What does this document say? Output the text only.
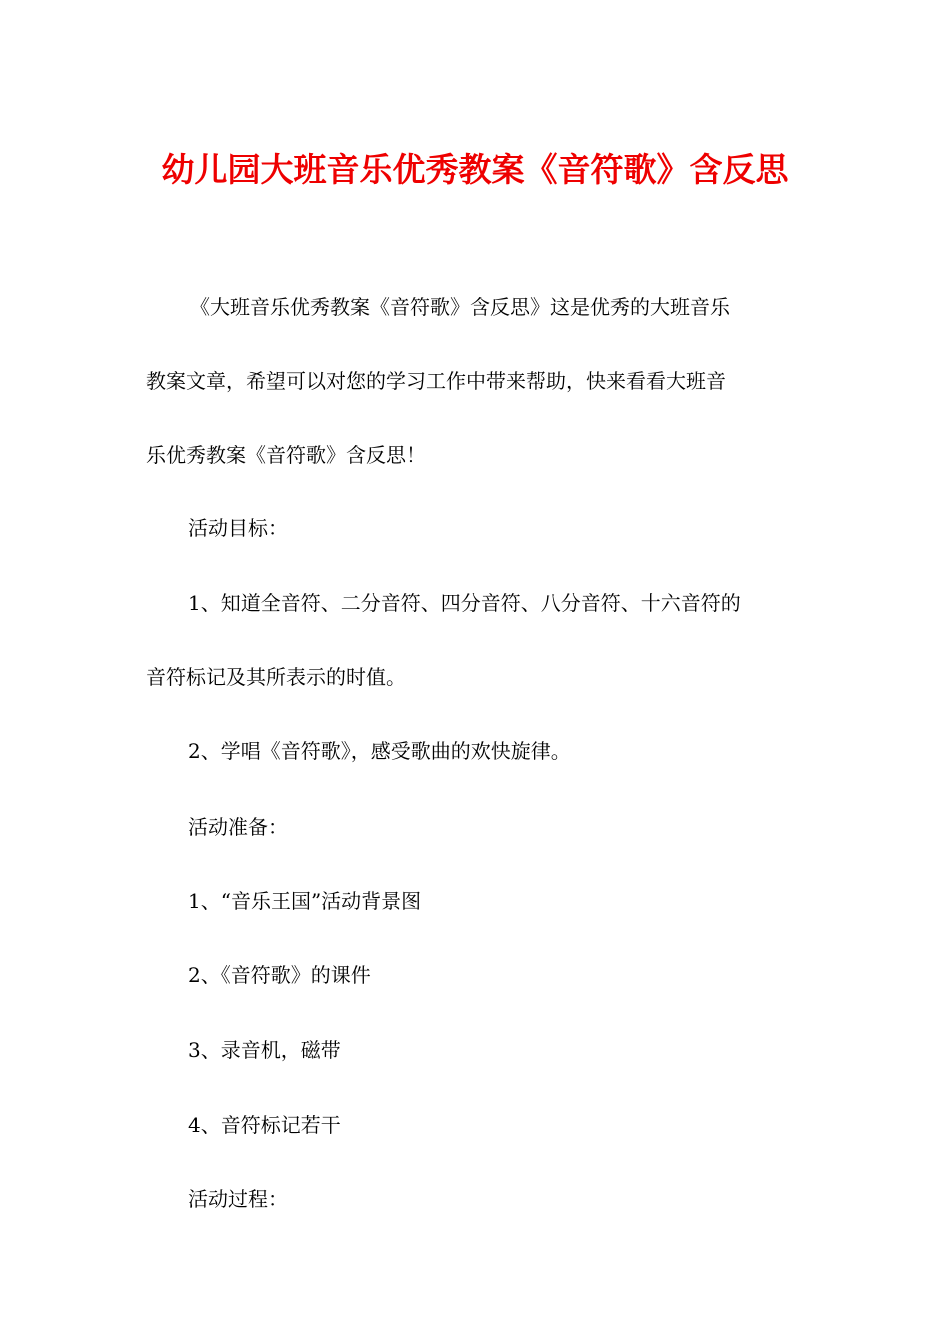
幼儿园大班音乐优秀教案《音符歌》含反思
《大班音乐优秀教案《音符歌》含反思》这是优秀的大班音乐
教案文章，希望可以对您的学习工作中带来帮助，快来看看大班音
乐优秀教案《音符歌》含反思！

活动目标：

1、知道全音符、二分音符、四分音符、八分音符、十六音符的

音符标记及其所表示的时值。

2、学唱《音符歌》，感受歌曲的欢快旋律。

活动准备：

1、“音乐王国”活动背景图

2、《音符歌》的课件

3、录音机，磁带

4、音符标记若干

活动过程：
